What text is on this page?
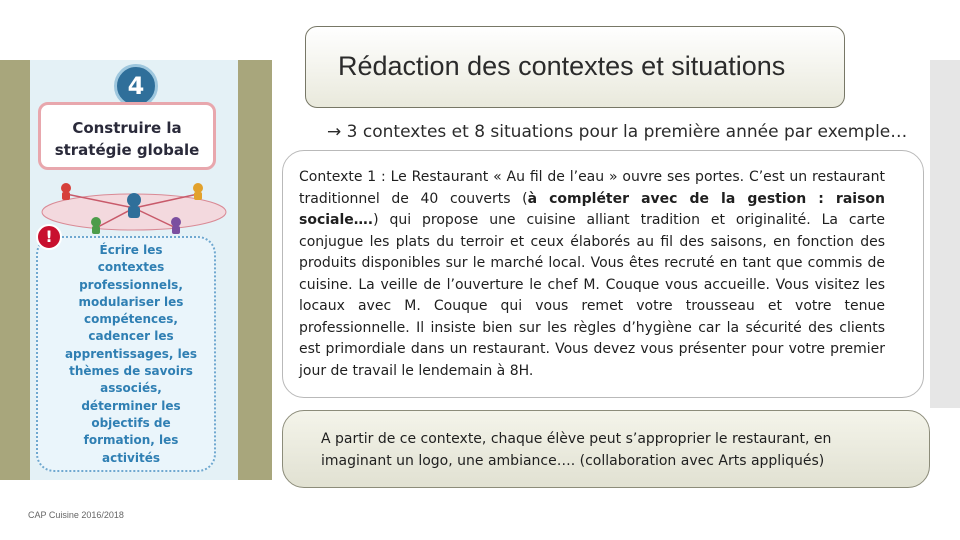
4
Construire la
stratégie globale
!
Écrire les
contextes
professionnels,
modulariser les
compétences,
cadencer les
apprentissages, les
thèmes de savoirs
associés,
déterminer les
objectifs de
formation, les
activités
Rédaction des contextes et situations
→ 3 contextes et 8 situations pour la première année par exemple…
Contexte 1 : Le Restaurant « Au fil de l’eau » ouvre ses portes. C’est un restaurant traditionnel de 40 couverts (à compléter avec de la gestion : raison sociale….) qui propose une cuisine alliant tradition et originalité. La carte conjugue les plats du terroir et ceux élaborés au fil des saisons, en fonction des produits disponibles sur le marché local. Vous êtes recruté en tant que commis de cuisine. La veille de l’ouverture le chef M. Couque vous accueille. Vous visitez les locaux avec M. Couque qui vous remet votre trousseau et votre tenue professionnelle. Il insiste bien sur les règles d’hygiène car la sécurité des clients est primordiale dans un restaurant. Vous devez vous présenter pour votre premier jour de travail le lendemain à 8H.
A partir de ce contexte, chaque élève peut s’approprier le restaurant, en
imaginant un logo, une ambiance…. (collaboration avec Arts appliqués)
CAP Cuisine 2016/2018
